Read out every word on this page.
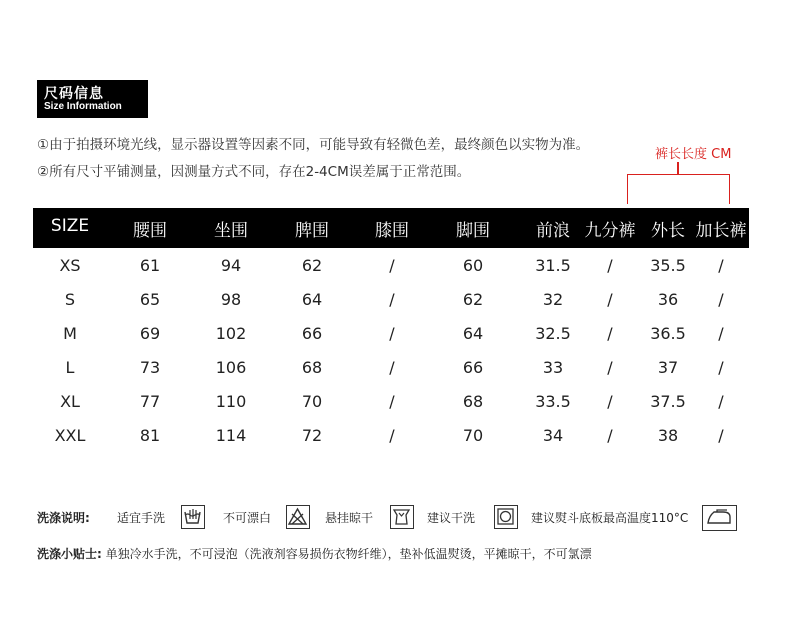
尺码信息
Size Information
①由于拍摄环境光线，显示器设置等因素不同，可能导致有轻微色差，最终颜色以实物为准。
②所有尺寸平铺测量，因测量方式不同，存在2-4CM误差属于正常范围。
裤长长度 CM
SIZE	腰围	坐围	脾围	膝围	脚围	前浪 九分裤 外长 加长裤
XS	61	94	62	/	60	31.5 / 35.5 /
S	65	98	64	/	62	32	/	36	/
M	69	102	66	/	64	32.5 / 36.5 /
L	73	106	68	/	66	33	/	37	/
XL	77	110	70	/	68	33.5 / 37.5 /
XXL	81	114	72	/	70	34	/	38	/
洗涤说明: 适宜手洗	不可漂白	悬挂晾干	建议干洗	建议熨斗底板最高温度110°C
洗涤小贴士: 单独冷水手洗，不可浸泡（洗液剂容易损伤衣物纤维），垫补低温熨烫，平摊晾干，不可氯漂
